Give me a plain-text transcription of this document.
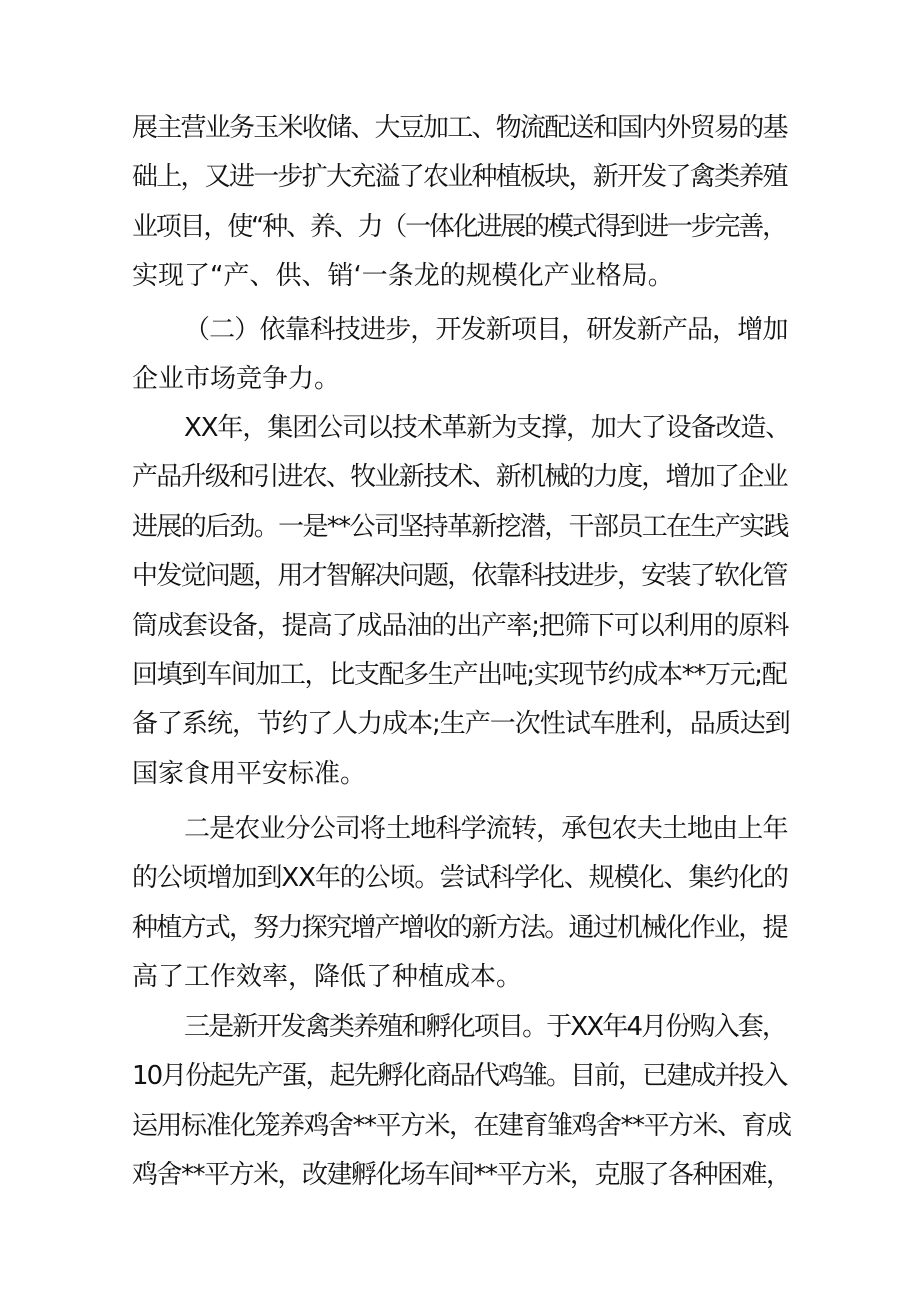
展主营业务玉米收储、大豆加工、物流配送和国内外贸易的基
础上，又进一步扩大充溢了农业种植板块，新开发了禽类养殖
业项目，使“种、养、力（一体化进展的模式得到进一步完善，
实现了“产、供、销‘一条龙的规模化产业格局。
（二）依靠科技进步，开发新项目，研发新产品，增加
企业市场竞争力。
XX年，集团公司以技术革新为支撑，加大了设备改造、
产品升级和引进农、牧业新技术、新机械的力度，增加了企业
进展的后劲。一是**公司坚持革新挖潜，干部员工在生产实践
中发觉问题，用才智解决问题，依靠科技进步，安装了软化管
筒成套设备，提高了成品油的出产率;把筛下可以利用的原料
回填到车间加工，比支配多生产出吨;实现节约成本**万元;配
备了系统，节约了人力成本;生产一次性试车胜利，品质达到
国家食用平安标准。
二是农业分公司将土地科学流转，承包农夫土地由上年
的公顷增加到XX年的公顷。尝试科学化、规模化、集约化的
种植方式，努力探究增产增收的新方法。通过机械化作业，提
高了工作效率，降低了种植成本。
三是新开发禽类养殖和孵化项目。于XX年4月份购入套，
10月份起先产蛋，起先孵化商品代鸡雏。目前，已建成并投入
运用标准化笼养鸡舍**平方米，在建育雏鸡舍**平方米、育成
鸡舍**平方米，改建孵化场车间**平方米，克服了各种困难，
